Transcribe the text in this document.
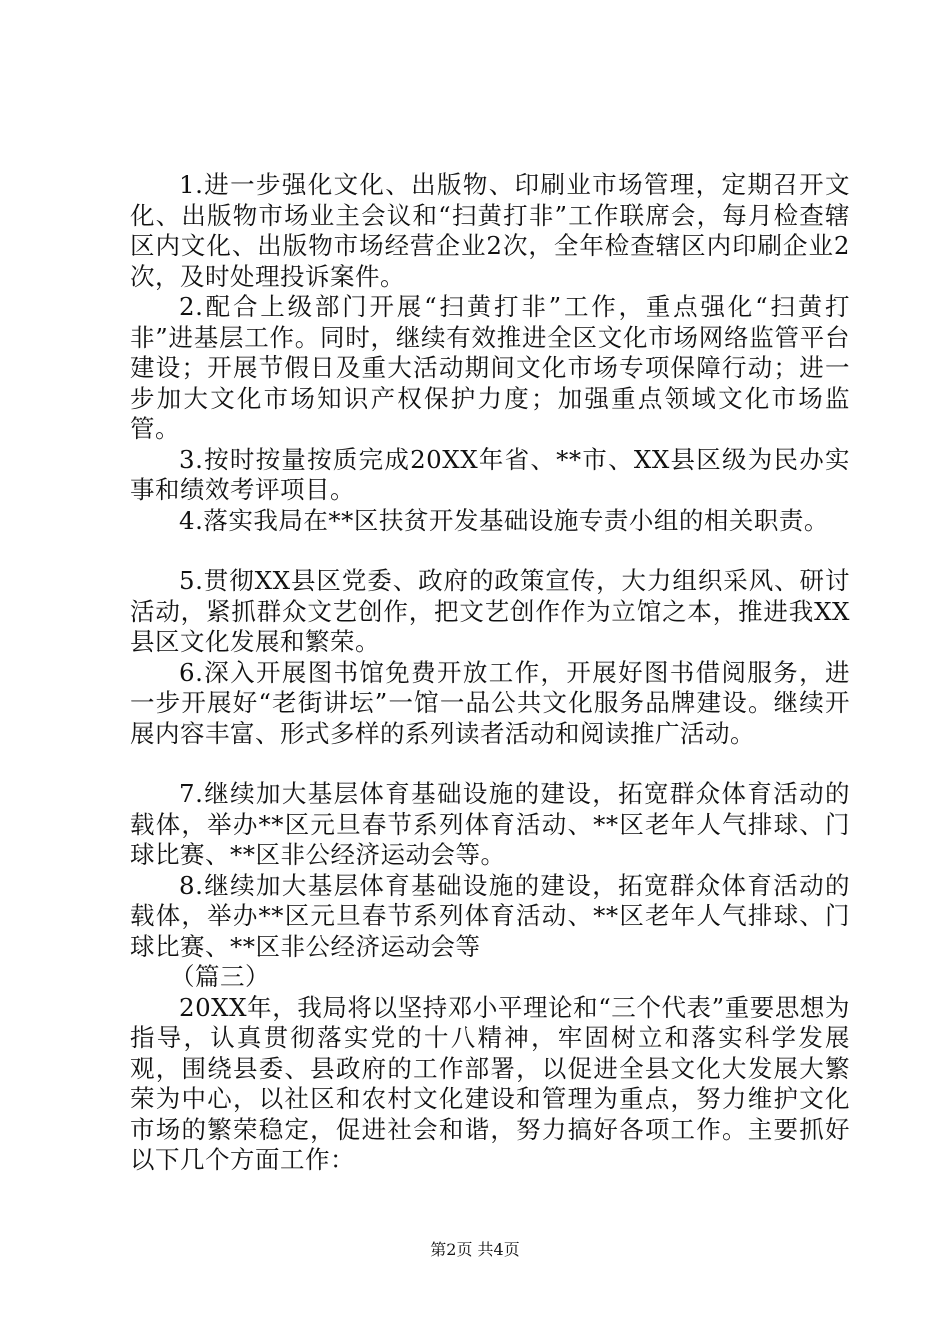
1.进一步强化文化、出版物、印刷业市场管理，定期召开文化、出版物市场业主会议和“扫黄打非”工作联席会，每月检查辖区内文化、出版物市场经营企业2次，全年检查辖区内印刷企业2次，及时处理投诉案件。

2.配合上级部门开展“扫黄打非”工作，重点强化“扫黄打非”进基层工作。同时，继续有效推进全区文化市场网络监管平台建设；开展节假日及重大活动期间文化市场专项保障行动；进一步加大文化市场知识产权保护力度；加强重点领域文化市场监管。

3.按时按量按质完成20XX年省、**市、XX县区级为民办实事和绩效考评项目。

4.落实我局在**区扶贫开发基础设施专责小组的相关职责。

5.贯彻XX县区党委、政府的政策宣传，大力组织采风、研讨活动，紧抓群众文艺创作，把文艺创作作为立馆之本，推进我XX县区文化发展和繁荣。

6.深入开展图书馆免费开放工作，开展好图书借阅服务，进一步开展好“老街讲坛”一馆一品公共文化服务品牌建设。继续开展内容丰富、形式多样的系列读者活动和阅读推广活动。

7.继续加大基层体育基础设施的建设，拓宽群众体育活动的载体，举办**区元旦春节系列体育活动、**区老年人气排球、门球比赛、**区非公经济运动会等。

8.继续加大基层体育基础设施的建设，拓宽群众体育活动的载体，举办**区元旦春节系列体育活动、**区老年人气排球、门球比赛、**区非公经济运动会等

（篇三）

20XX年，我局将以坚持邓小平理论和“三个代表”重要思想为指导，认真贯彻落实党的十八精神，牢固树立和落实科学发展观，围绕县委、县政府的工作部署，以促进全县文化大发展大繁荣为中心，以社区和农村文化建设和管理为重点，努力维护文化市场的繁荣稳定，促进社会和谐，努力搞好各项工作。主要抓好以下几个方面工作：

第2页 共4页
